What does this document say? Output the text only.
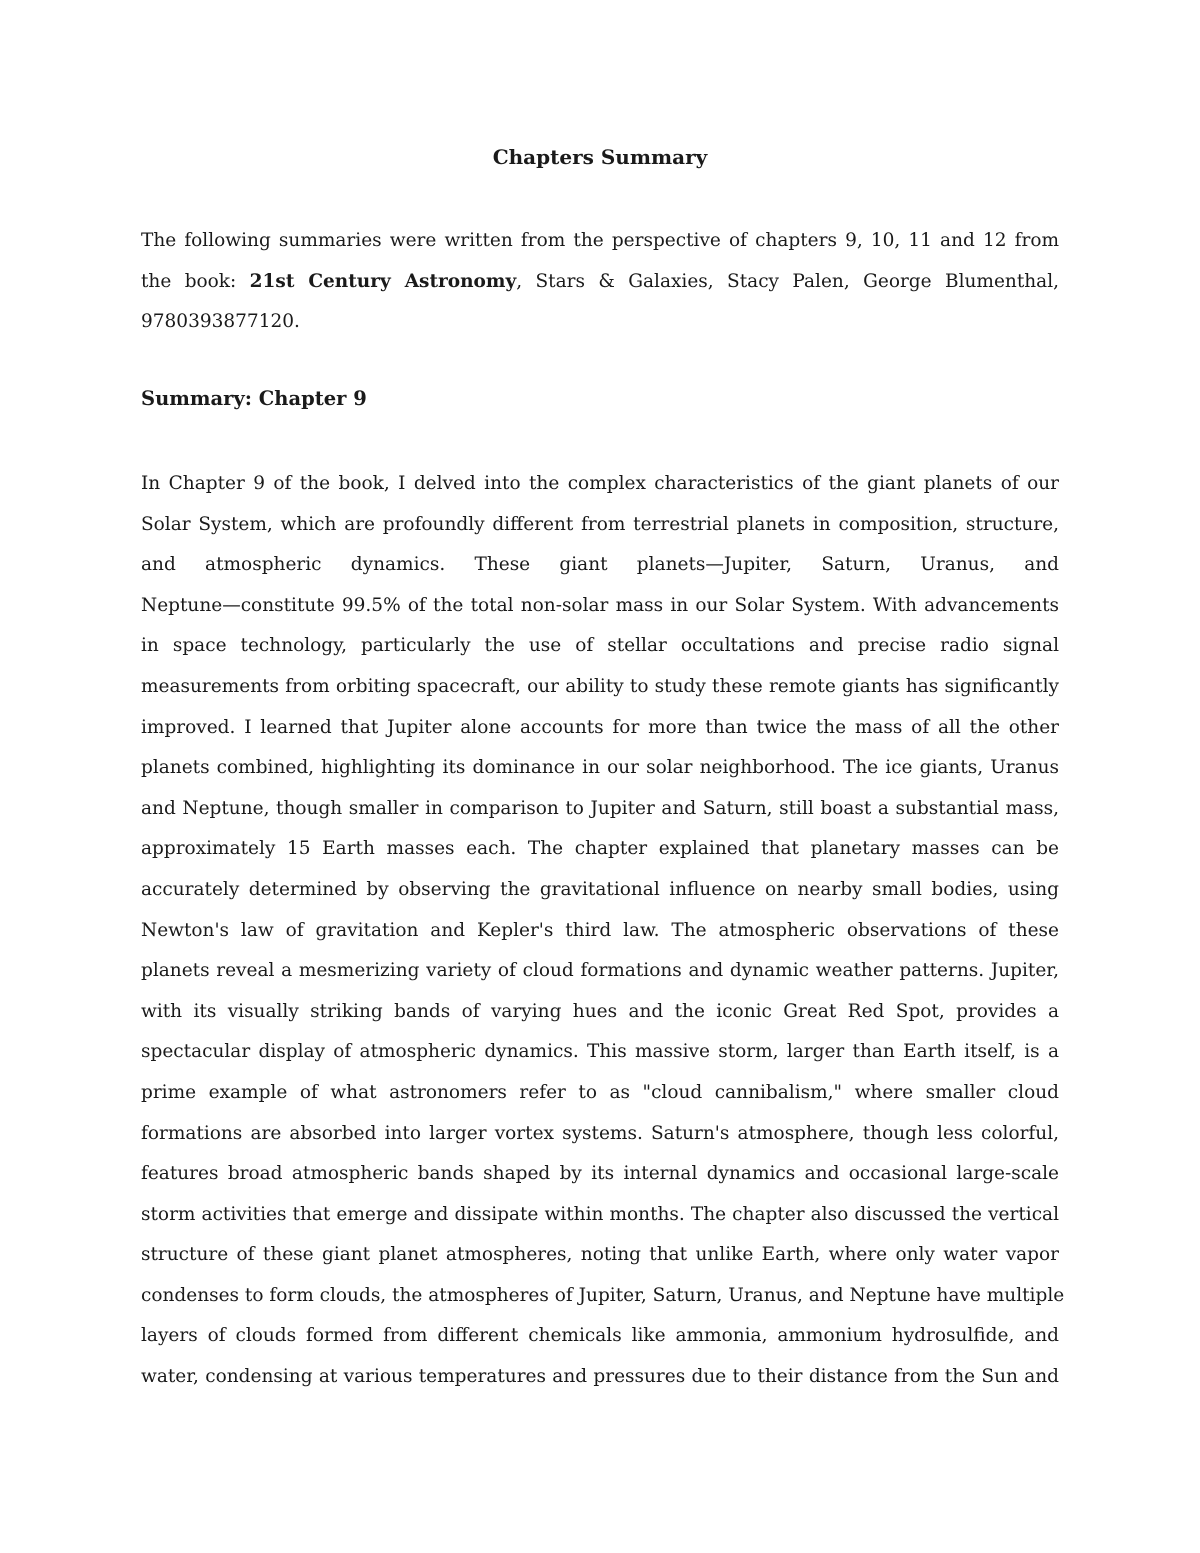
Chapters Summary

The following summaries were written from the perspective of chapters 9, 10, 11 and 12 from
the book: 21st Century Astronomy, Stars & Galaxies, Stacy Palen, George Blumenthal,
9780393877120.

Summary: Chapter 9

In Chapter 9 of the book, I delved into the complex characteristics of the giant planets of our
Solar System, which are profoundly different from terrestrial planets in composition, structure,
and atmospheric dynamics. These giant planets—Jupiter, Saturn, Uranus, and
Neptune—constitute 99.5% of the total non-solar mass in our Solar System. With advancements
in space technology, particularly the use of stellar occultations and precise radio signal
measurements from orbiting spacecraft, our ability to study these remote giants has significantly
improved. I learned that Jupiter alone accounts for more than twice the mass of all the other
planets combined, highlighting its dominance in our solar neighborhood. The ice giants, Uranus
and Neptune, though smaller in comparison to Jupiter and Saturn, still boast a substantial mass,
approximately 15 Earth masses each. The chapter explained that planetary masses can be
accurately determined by observing the gravitational influence on nearby small bodies, using
Newton's law of gravitation and Kepler's third law. The atmospheric observations of these
planets reveal a mesmerizing variety of cloud formations and dynamic weather patterns. Jupiter,
with its visually striking bands of varying hues and the iconic Great Red Spot, provides a
spectacular display of atmospheric dynamics. This massive storm, larger than Earth itself, is a
prime example of what astronomers refer to as "cloud cannibalism," where smaller cloud
formations are absorbed into larger vortex systems. Saturn's atmosphere, though less colorful,
features broad atmospheric bands shaped by its internal dynamics and occasional large-scale
storm activities that emerge and dissipate within months. The chapter also discussed the vertical
structure of these giant planet atmospheres, noting that unlike Earth, where only water vapor
condenses to form clouds, the atmospheres of Jupiter, Saturn, Uranus, and Neptune have multiple
layers of clouds formed from different chemicals like ammonia, ammonium hydrosulfide, and
water, condensing at various temperatures and pressures due to their distance from the Sun and
